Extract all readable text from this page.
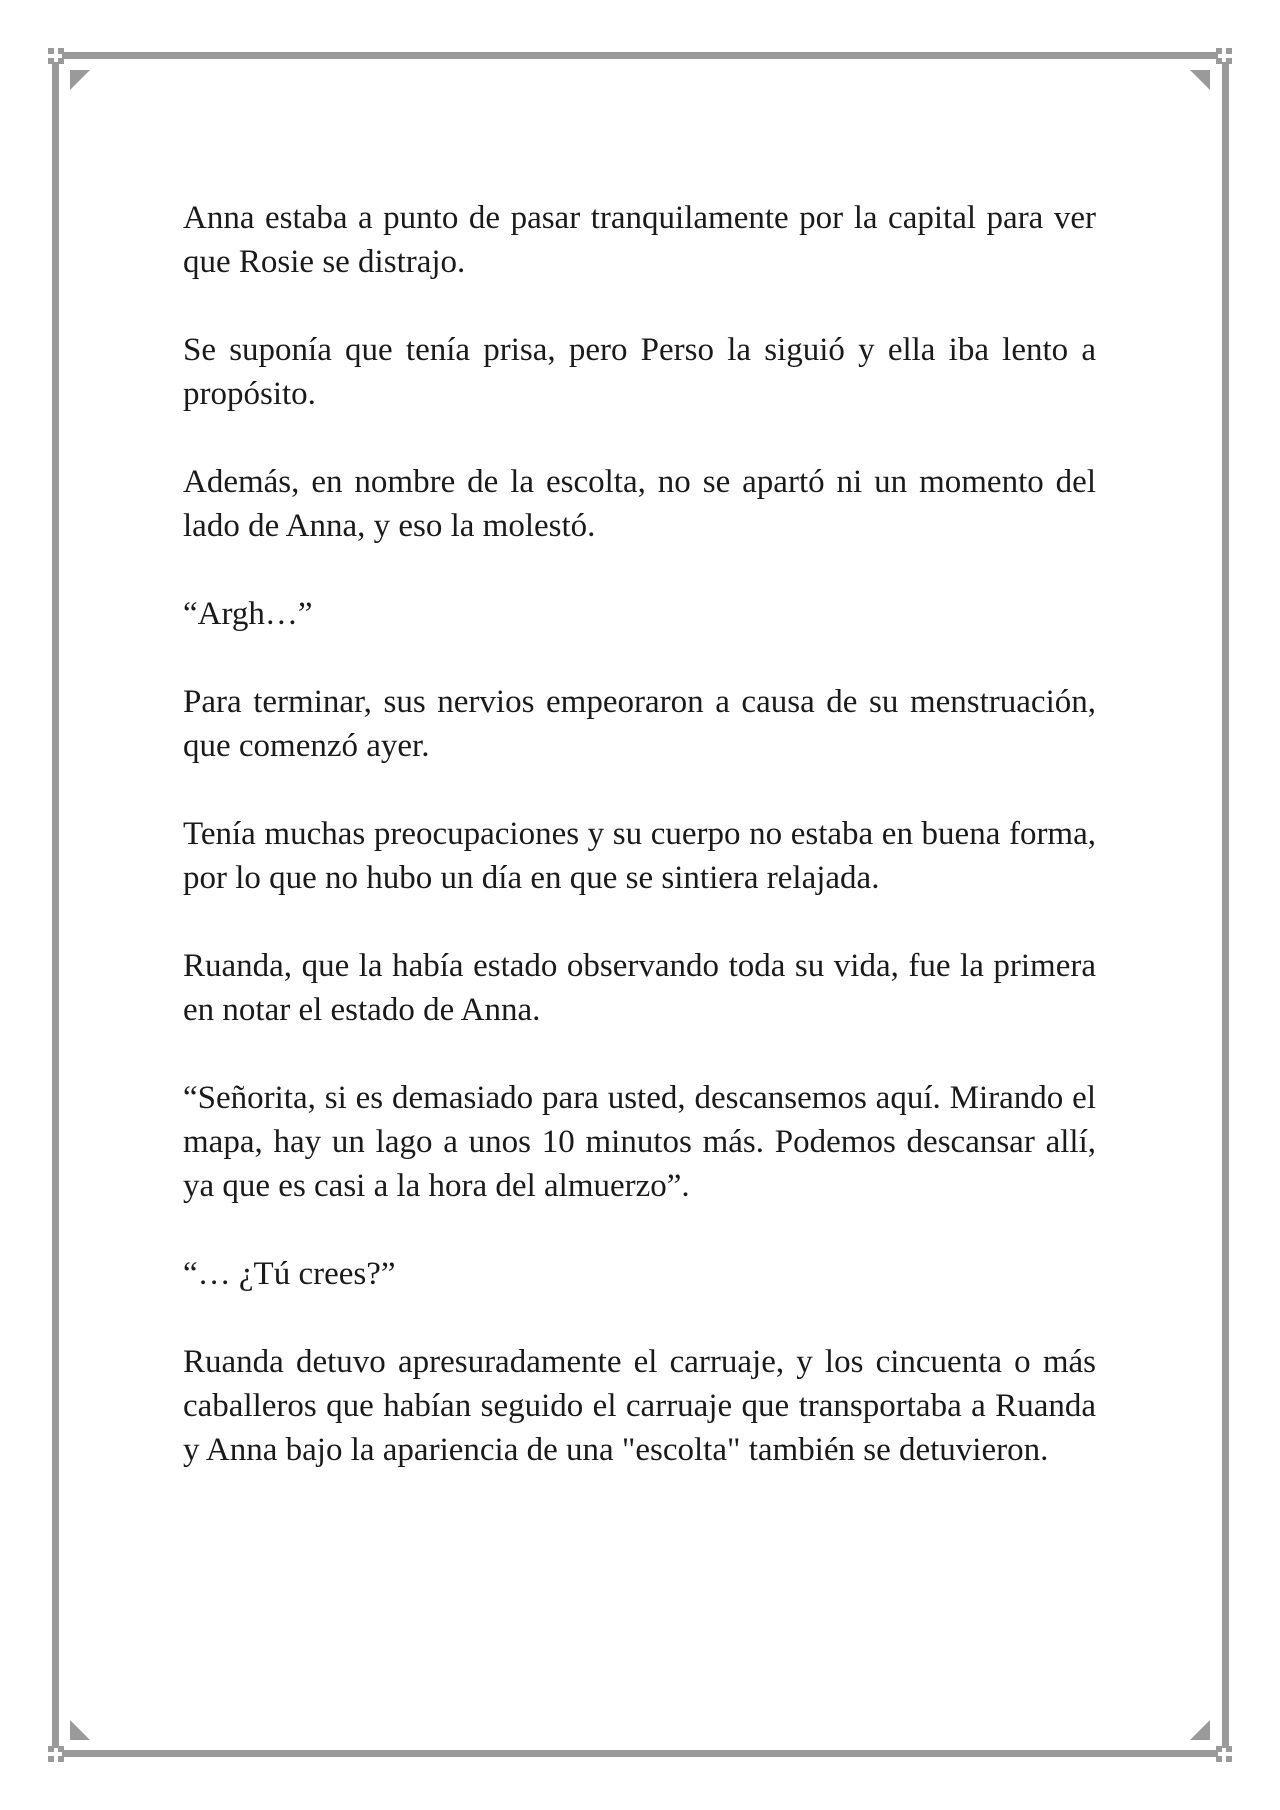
Anna estaba a punto de pasar tranquilamente por la capital para ver que Rosie se distrajo.

Se suponía que tenía prisa, pero Perso la siguió y ella iba lento a propósito.

Además, en nombre de la escolta, no se apartó ni un momento del lado de Anna, y eso la molestó.

“Argh…”

Para terminar, sus nervios empeoraron a causa de su menstruación, que comenzó ayer.

Tenía muchas preocupaciones y su cuerpo no estaba en buena forma, por lo que no hubo un día en que se sintiera relajada.

Ruanda, que la había estado observando toda su vida, fue la primera en notar el estado de Anna.

“Señorita, si es demasiado para usted, descansemos aquí. Mirando el mapa, hay un lago a unos 10 minutos más. Podemos descansar allí, ya que es casi a la hora del almuerzo”.

“… ¿Tú crees?”

Ruanda detuvo apresuradamente el carruaje, y los cincuenta o más caballeros que habían seguido el carruaje que transportaba a Ruanda y Anna bajo la apariencia de una "escolta" también se detuvieron.
